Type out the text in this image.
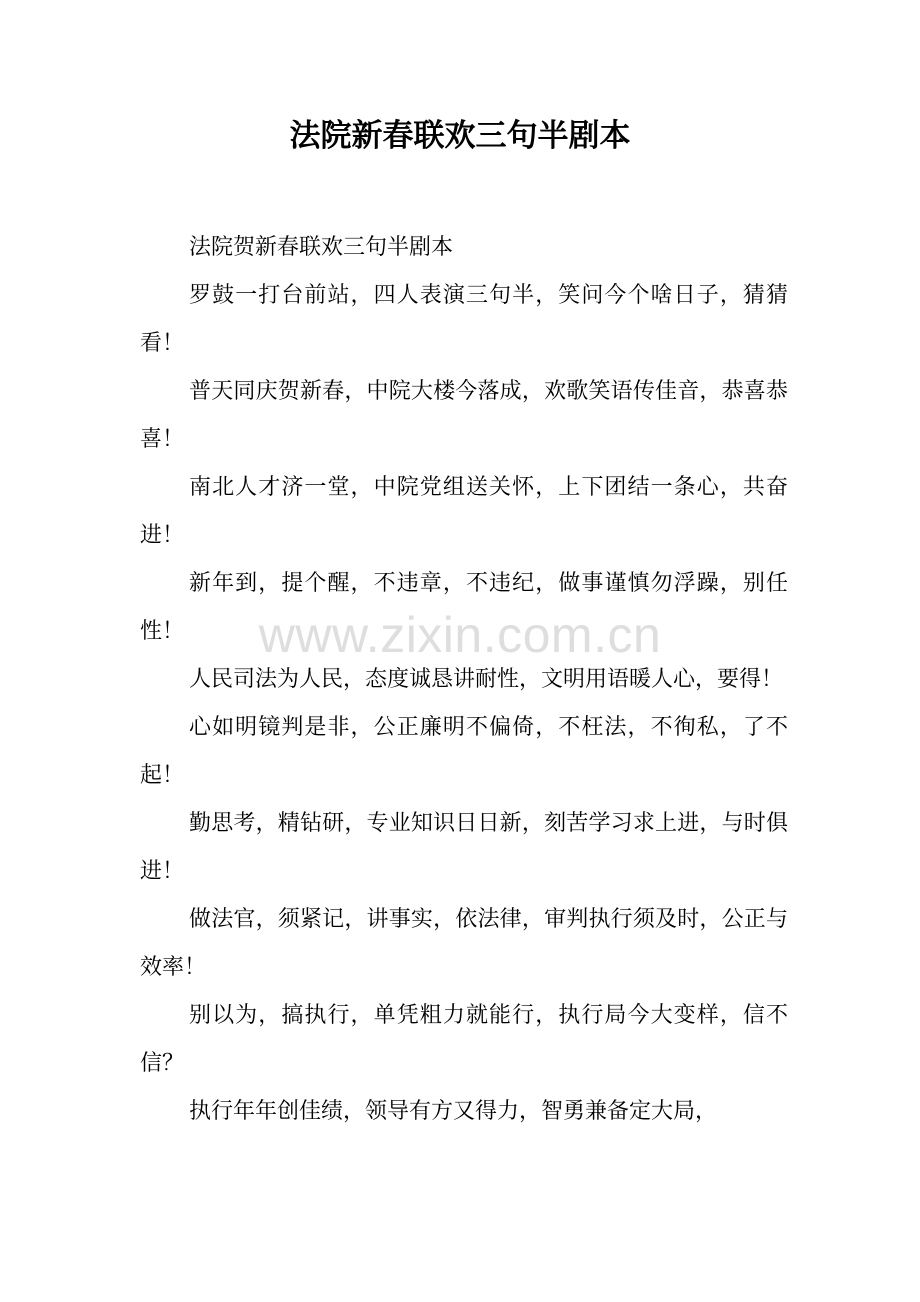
法院新春联欢三句半剧本

法院贺新春联欢三句半剧本

罗鼓一打台前站，四人表演三句半，笑问今个啥日子，猜猜看！

普天同庆贺新春，中院大楼今落成，欢歌笑语传佳音，恭喜恭喜！

南北人才济一堂，中院党组送关怀，上下团结一条心，共奋进！

新年到，提个醒，不违章，不违纪，做事谨慎勿浮躁，别任性！

人民司法为人民，态度诚恳讲耐性，文明用语暖人心，要得！

心如明镜判是非，公正廉明不偏倚，不枉法，不徇私，了不起！

勤思考，精钻研，专业知识日日新，刻苦学习求上进，与时俱进！

做法官，须紧记，讲事实，依法律，审判执行须及时，公正与效率！

别以为，搞执行，单凭粗力就能行，执行局今大变样，信不信？

执行年年创佳绩，领导有方又得力，智勇兼备定大局，

www.zixin.com.cn
